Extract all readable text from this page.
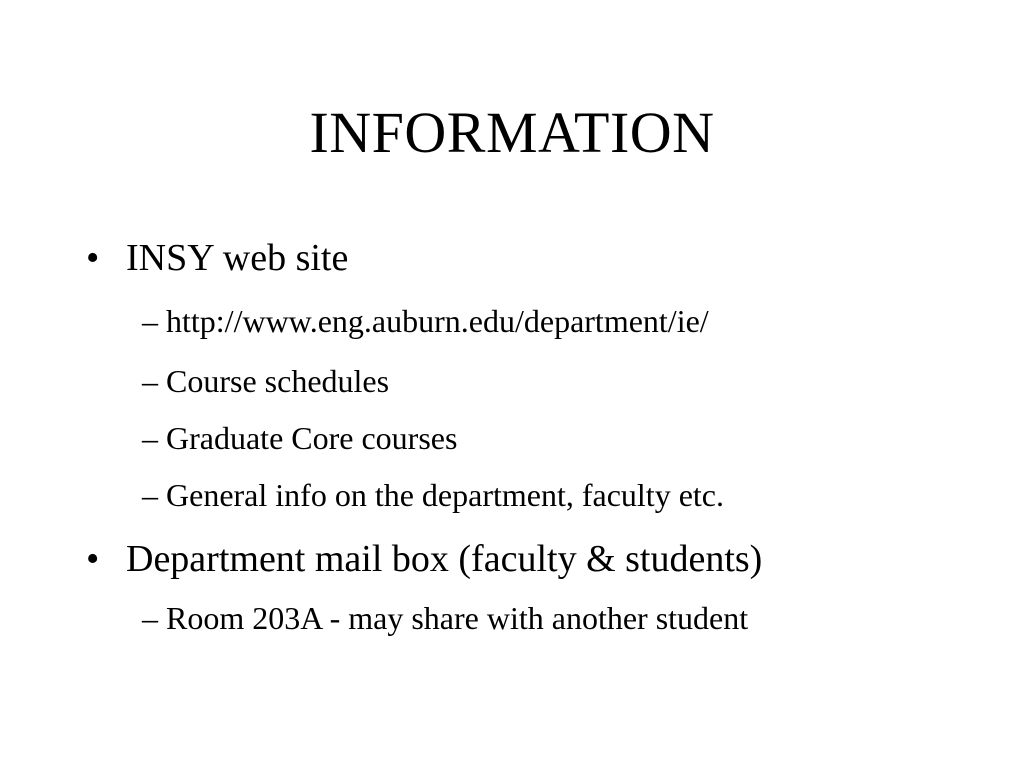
INFORMATION
• INSY web site
– http://www.eng.auburn.edu/department/ie/
– Course schedules
– Graduate Core courses
– General info on the department, faculty etc.
• Department mail box (faculty & students)
– Room 203A - may share with another student
